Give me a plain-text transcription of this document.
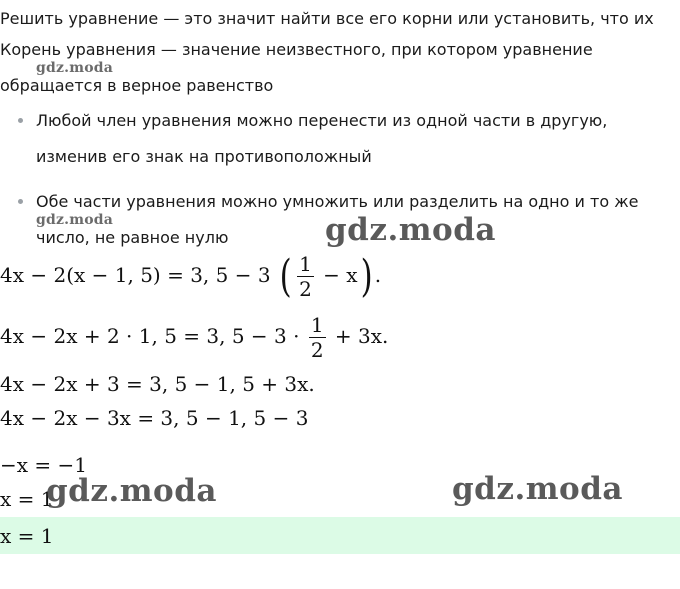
Решить уравнение — это значит найти все его корни или установить, что их
Корень уравнения — значение неизвестного, при котором уравнение
gdz.moda
обращается в верное равенство
Любой член уравнения можно перенести из одной части в другую,
изменив его знак на противоположный
Обе части уравнения можно умножить или разделить на одно и то же
gdz.moda
число, не равное нулю	gdz.moda
4x − 2(x − 1, 5) = 3, 5 − 3 ( $\frac{1}{2} - x$) .
4x − 2x + 2 · 1, 5 = 3, $5 - 3 \cdot \frac{1}{2} + 3x$.
4x − 2x + 3 = 3, 5 − 1, 5 + 3x.
4x − 2x − 3x = 3, 5 − 1, 5 − 3
−x = −1
x = 1
gdz.moda	gdz.moda
x = 1
